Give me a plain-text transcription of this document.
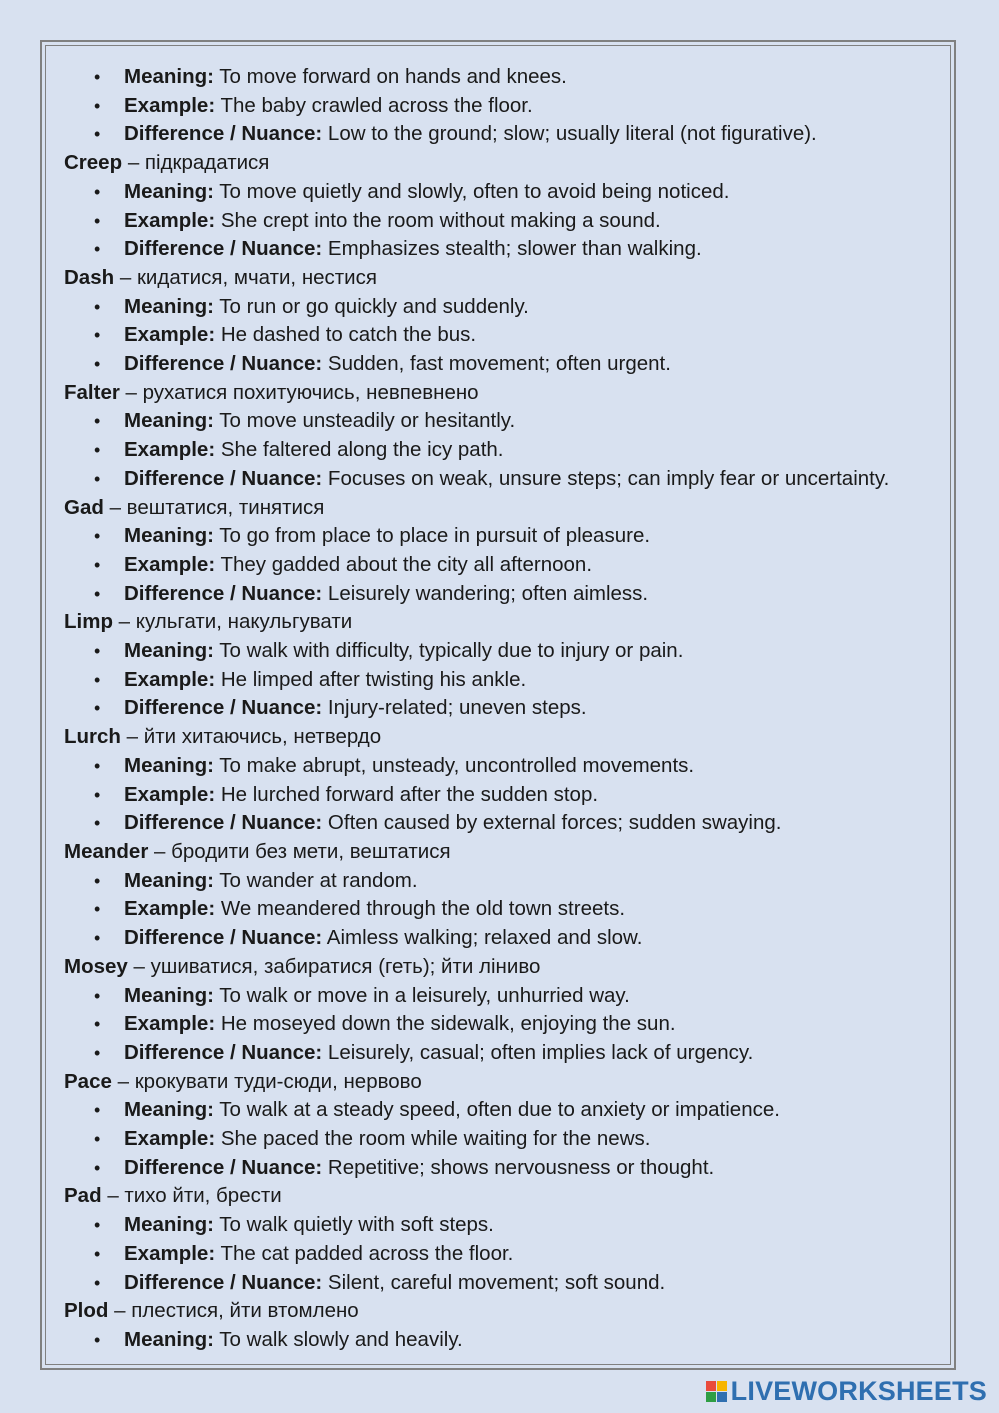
• Meaning: To move forward on hands and knees.
• Example: The baby crawled across the floor.
• Difference / Nuance: Low to the ground; slow; usually literal (not figurative).
Creep – підкрадатися
• Meaning: To move quietly and slowly, often to avoid being noticed.
• Example: She crept into the room without making a sound.
• Difference / Nuance: Emphasizes stealth; slower than walking.
Dash – кидатися, мчати, нестися
• Meaning: To run or go quickly and suddenly.
• Example: He dashed to catch the bus.
• Difference / Nuance: Sudden, fast movement; often urgent.
Falter – рухатися похитуючись, невпевнено
• Meaning: To move unsteadily or hesitantly.
• Example: She faltered along the icy path.
• Difference / Nuance: Focuses on weak, unsure steps; can imply fear or uncertainty.
Gad – вештатися, тинятися
• Meaning: To go from place to place in pursuit of pleasure.
• Example: They gadded about the city all afternoon.
• Difference / Nuance: Leisurely wandering; often aimless.
Limp – кульгати, накульгувати
• Meaning: To walk with difficulty, typically due to injury or pain.
• Example: He limped after twisting his ankle.
• Difference / Nuance: Injury-related; uneven steps.
Lurch – йти хитаючись, нетвердо
• Meaning: To make abrupt, unsteady, uncontrolled movements.
• Example: He lurched forward after the sudden stop.
• Difference / Nuance: Often caused by external forces; sudden swaying.
Meander – бродити без мети, вештатися
• Meaning: To wander at random.
• Example: We meandered through the old town streets.
• Difference / Nuance: Aimless walking; relaxed and slow.
Mosey – ушиватися, забиратися (геть); йти ліниво
• Meaning: To walk or move in a leisurely, unhurried way.
• Example: He moseyed down the sidewalk, enjoying the sun.
• Difference / Nuance: Leisurely, casual; often implies lack of urgency.
Pace – крокувати туди-сюди, нервово
• Meaning: To walk at a steady speed, often due to anxiety or impatience.
• Example: She paced the room while waiting for the news.
• Difference / Nuance: Repetitive; shows nervousness or thought.
Pad – тихо йти, брести
• Meaning: To walk quietly with soft steps.
• Example: The cat padded across the floor.
• Difference / Nuance: Silent, careful movement; soft sound.
Plod – плестися, йти втомлено
• Meaning: To walk slowly and heavily.
LIVEWORKSHEETS
